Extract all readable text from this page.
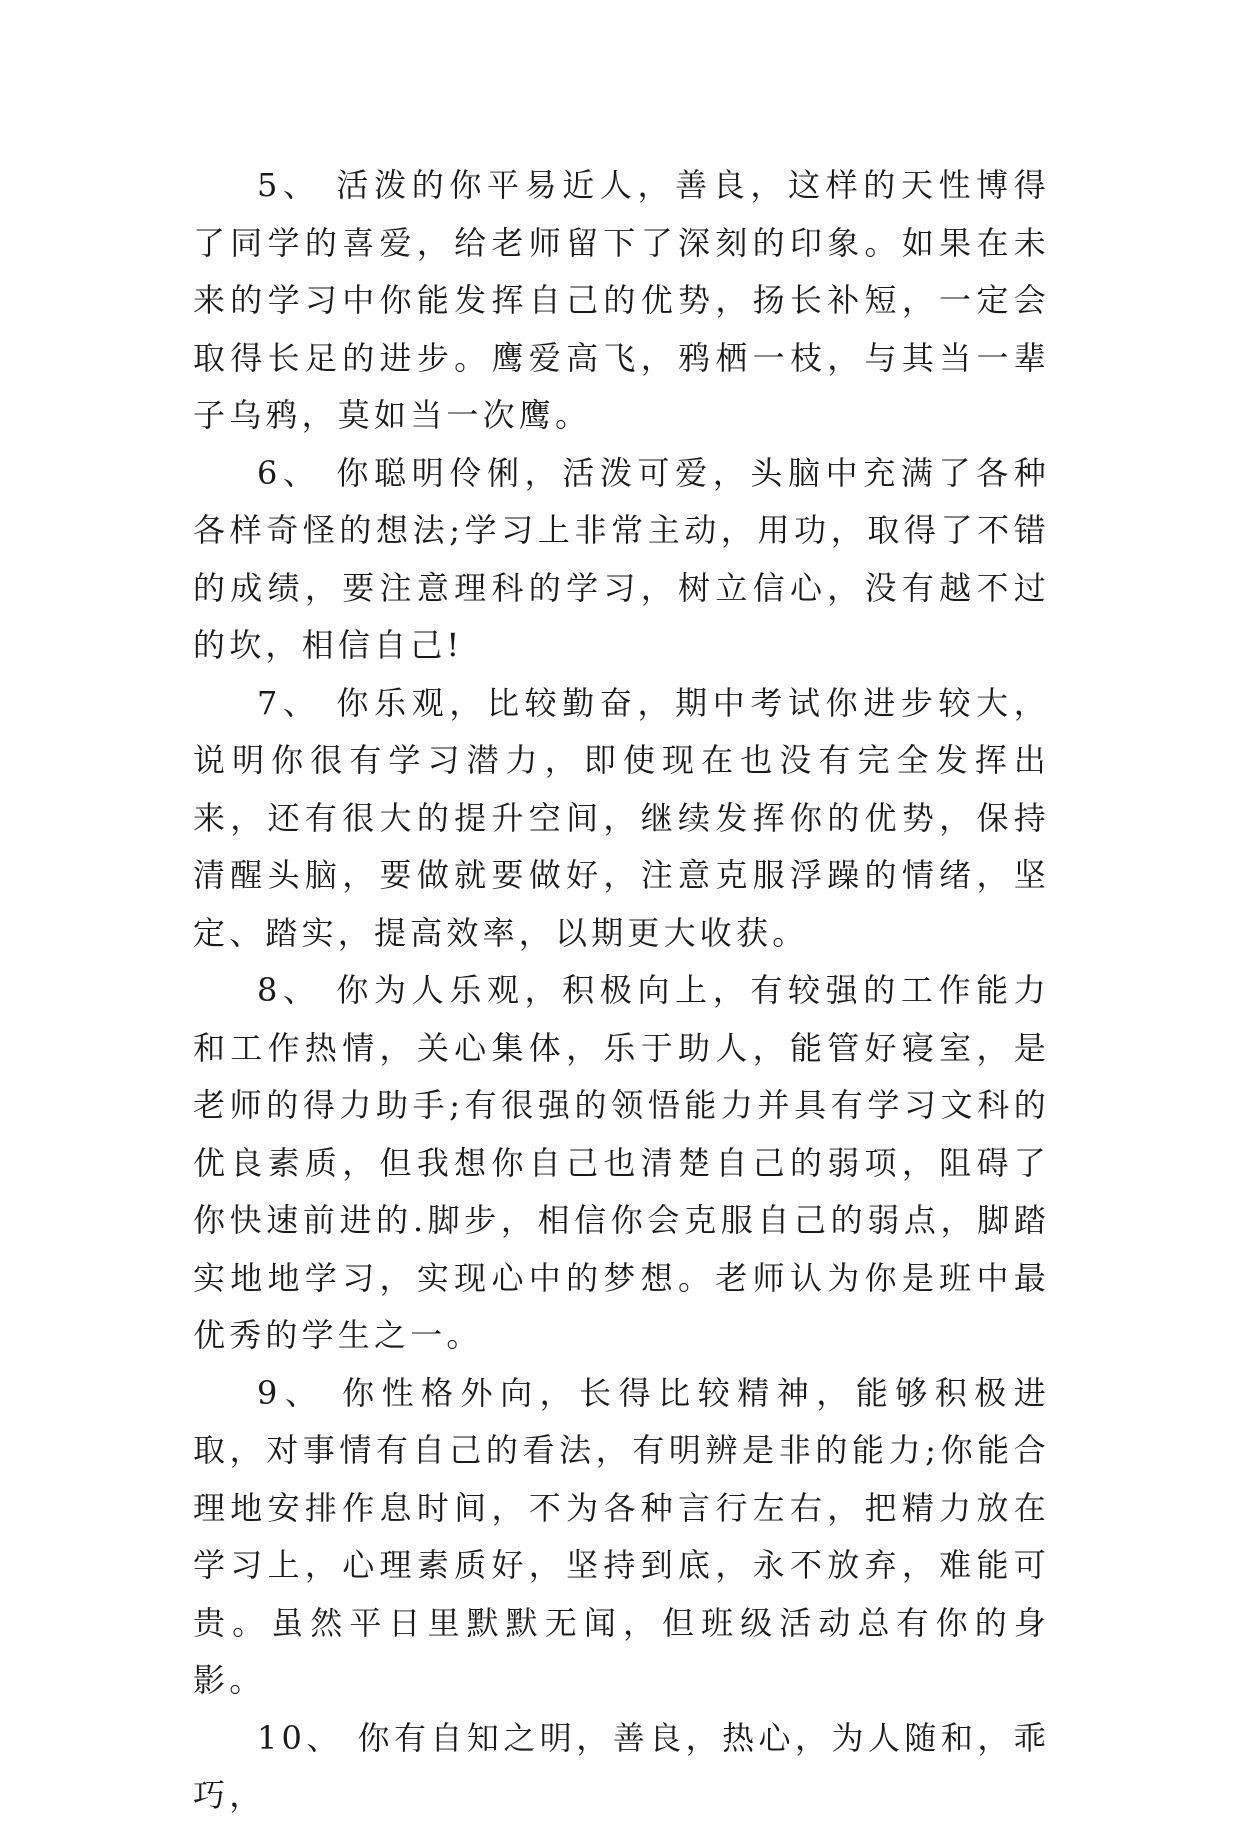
5、 活泼的你平易近人，善良，这样的天性博得了同学的喜爱，给老师留下了深刻的印象。如果在未来的学习中你能发挥自己的优势，扬长补短，一定会取得长足的进步。鹰爱高飞，鸦栖一枝，与其当一辈子乌鸦，莫如当一次鹰。

6、 你聪明伶俐，活泼可爱，头脑中充满了各种各样奇怪的想法;学习上非常主动，用功，取得了不错的成绩，要注意理科的学习，树立信心，没有越不过的坎，相信自己!

7、 你乐观，比较勤奋，期中考试你进步较大，说明你很有学习潜力，即使现在也没有完全发挥出来，还有很大的提升空间，继续发挥你的优势，保持清醒头脑，要做就要做好，注意克服浮躁的情绪，坚定、踏实，提高效率，以期更大收获。

8、 你为人乐观，积极向上，有较强的工作能力和工作热情，关心集体，乐于助人，能管好寝室，是老师的得力助手;有很强的领悟能力并具有学习文科的优良素质，但我想你自己也清楚自己的弱项，阻碍了你快速前进的.脚步，相信你会克服自己的弱点，脚踏实地地学习，实现心中的梦想。老师认为你是班中最优秀的学生之一。

9、 你性格外向，长得比较精神，能够积极进取，对事情有自己的看法，有明辨是非的能力;你能合理地安排作息时间，不为各种言行左右，把精力放在学习上，心理素质好，坚持到底，永不放弃，难能可贵。虽然平日里默默无闻，但班级活动总有你的身影。

10、 你有自知之明，善良，热心，为人随和，乖巧，
